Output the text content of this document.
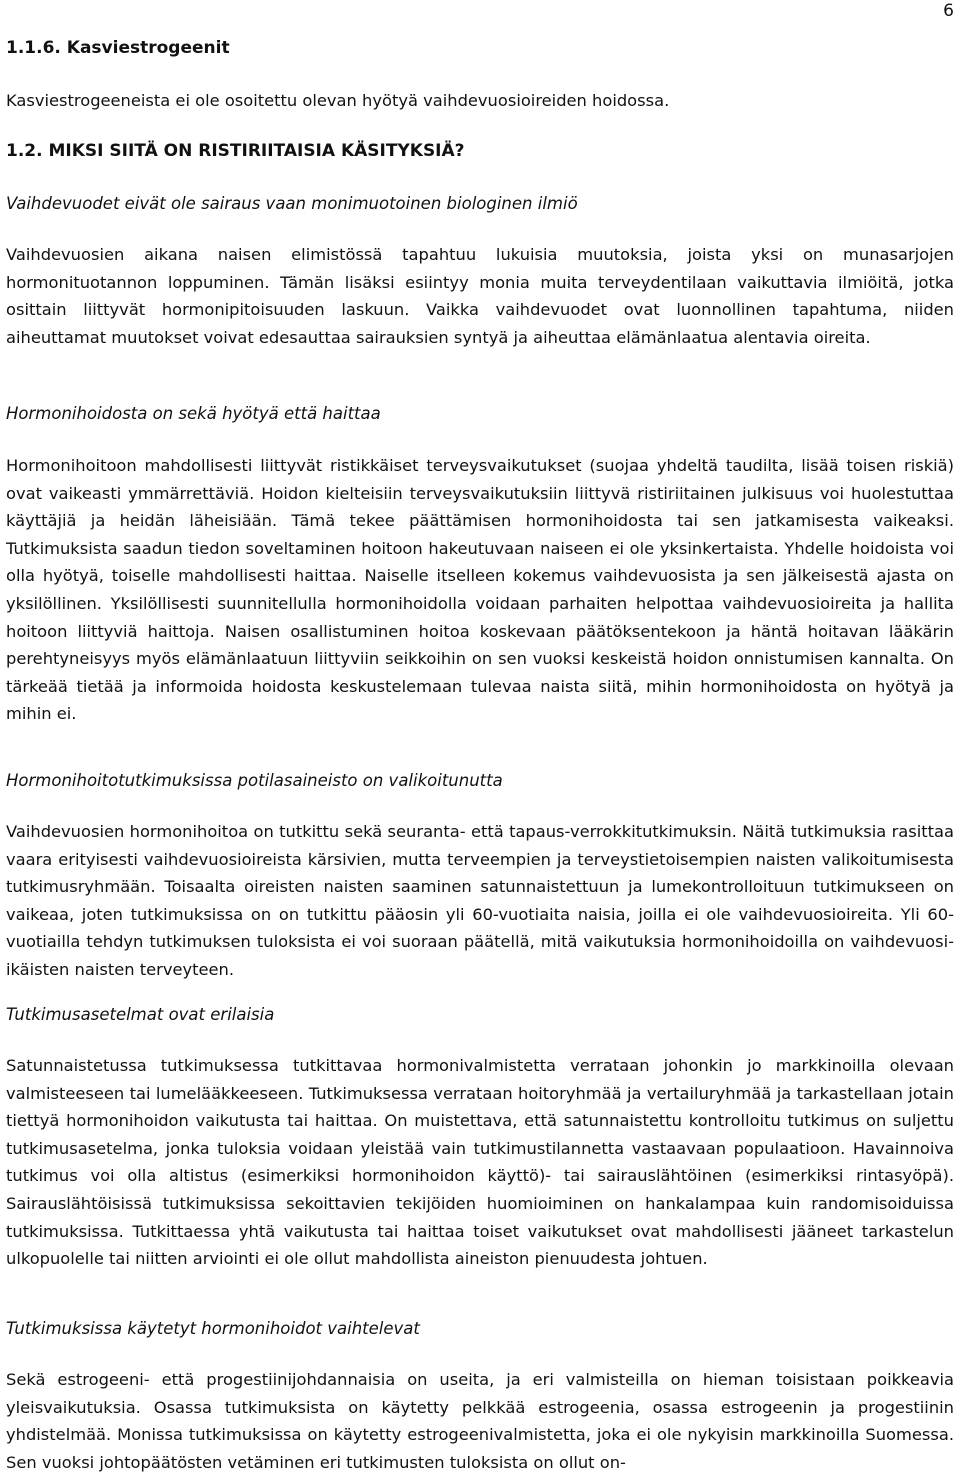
6
1.1.6. Kasviestrogeenit
Kasviestrogeeneista ei ole osoitettu olevan hyötyä vaihdevuosioireiden hoidossa.
1.2. MIKSI SIITÄ ON RISTIRIITAISIA KÄSITYKSIÄ?
Vaihdevuodet eivät ole sairaus vaan monimuotoinen biologinen ilmiö
Vaihdevuosien aikana naisen elimistössä tapahtuu lukuisia muutoksia, joista yksi on munasarjojen hormonituotannon loppuminen. Tämän lisäksi esiintyy monia muita terveydentilaan vaikuttavia ilmiöitä, jotka osittain liittyvät hormonipitoisuuden laskuun. Vaikka vaihdevuodet ovat luonnollinen tapahtuma, niiden aiheuttamat muutokset voivat edesauttaa sairauksien syntyä ja aiheuttaa elämänlaatua alentavia oireita.
Hormonihoidosta on sekä hyötyä että haittaa
Hormonihoitoon mahdollisesti liittyvät ristikkäiset terveysvaikutukset (suojaa yhdeltä taudilta, lisää toisen riskiä) ovat vaikeasti ymmärrettäviä. Hoidon kielteisiin terveysvaikutuksiin liittyvä ristiriitainen julkisuus voi huolestuttaa käyttäjiä ja heidän läheisiään. Tämä tekee päättämisen hormonihoidosta tai sen jatkamisesta vaikeaksi. Tutkimuksista saadun tiedon soveltaminen hoitoon hakeutuvaan naiseen ei ole yksinkertaista. Yhdelle hoidoista voi olla hyötyä, toiselle mahdollisesti haittaa. Naiselle itselleen kokemus vaihdevuosista ja sen jälkeisestä ajasta on yksilöllinen. Yksilöllisesti suunnitellulla hormonihoidolla voidaan parhaiten helpottaa vaihdevuosioireita ja hallita hoitoon liittyviä haittoja. Naisen osallistuminen hoitoa koskevaan päätöksentekoon ja häntä hoitavan lääkärin perehtyneisyys myös elämänlaatuun liittyviin seikkoihin on sen vuoksi keskeistä hoidon onnistumisen kannalta. On tärkeää tietää ja informoida hoidosta keskustelemaan tulevaa naista siitä, mihin hormonihoidosta on hyötyä ja mihin ei.
Hormonihoitotutkimuksissa potilasaineisto on valikoitunutta
Vaihdevuosien hormonihoitoa on tutkittu sekä seuranta- että tapaus-verrokkitutkimuksin. Näitä tutkimuksia rasittaa vaara erityisesti vaihdevuosioireista kärsivien, mutta terveempien ja terveystietoisempien naisten valikoitumisesta tutkimusryhmään. Toisaalta oireisten naisten saaminen satunnaistettuun ja lumekontrolloituun tutkimukseen on vaikeaa, joten tutkimuksissa on on tutkittu pääosin yli 60-vuotiaita naisia, joilla ei ole vaihdevuosioireita. Yli 60-vuotiailla tehdyn tutkimuksen tuloksista ei voi suoraan päätellä, mitä vaikutuksia hormonihoidoilla on vaihdevuosi-ikäisten naisten terveyteen.
Tutkimusasetelmat ovat erilaisia
Satunnaistetussa tutkimuksessa tutkittavaa hormonivalmistetta verrataan johonkin jo markkinoilla olevaan valmisteeseen tai lumelääkkeeseen. Tutkimuksessa verrataan hoitoryhmää ja vertailuryhmää ja tarkastellaan jotain tiettyä hormonihoidon vaikutusta tai haittaa. On muistettava, että satunnaistettu kontrolloitu tutkimus on suljettu tutkimusasetelma, jonka tuloksia voidaan yleistää vain tutkimustilannetta vastaavaan populaatioon. Havainnoiva tutkimus voi olla altistus (esimerkiksi hormonihoidon käyttö)- tai sairauslähtöinen (esimerkiksi rintasyöpä). Sairauslähtöisissä tutkimuksissa sekoittavien tekijöiden huomioiminen on hankalampaa kuin randomisoiduissa tutkimuksissa. Tutkittaessa yhtä vaikutusta tai haittaa toiset vaikutukset ovat mahdollisesti jääneet tarkastelun ulkopuolelle tai niitten arviointi ei ole ollut mahdollista aineiston pienuudesta johtuen.
Tutkimuksissa käytetyt hormonihoidot vaihtelevat
Sekä estrogeeni- että progestiinijohdannaisia on useita, ja eri valmisteilla on hieman toisistaan poikkeavia yleisvaikutuksia. Osassa tutkimuksista on käytetty pelkkää estrogeenia, osassa estrogeenin ja progestiinin yhdistelmää. Monissa tutkimuksissa on käytetty estrogeenivalmistetta, joka ei ole nykyisin markkinoilla Suomessa. Sen vuoksi johtopäätösten vetäminen eri tutkimusten tuloksista on ollut on-
